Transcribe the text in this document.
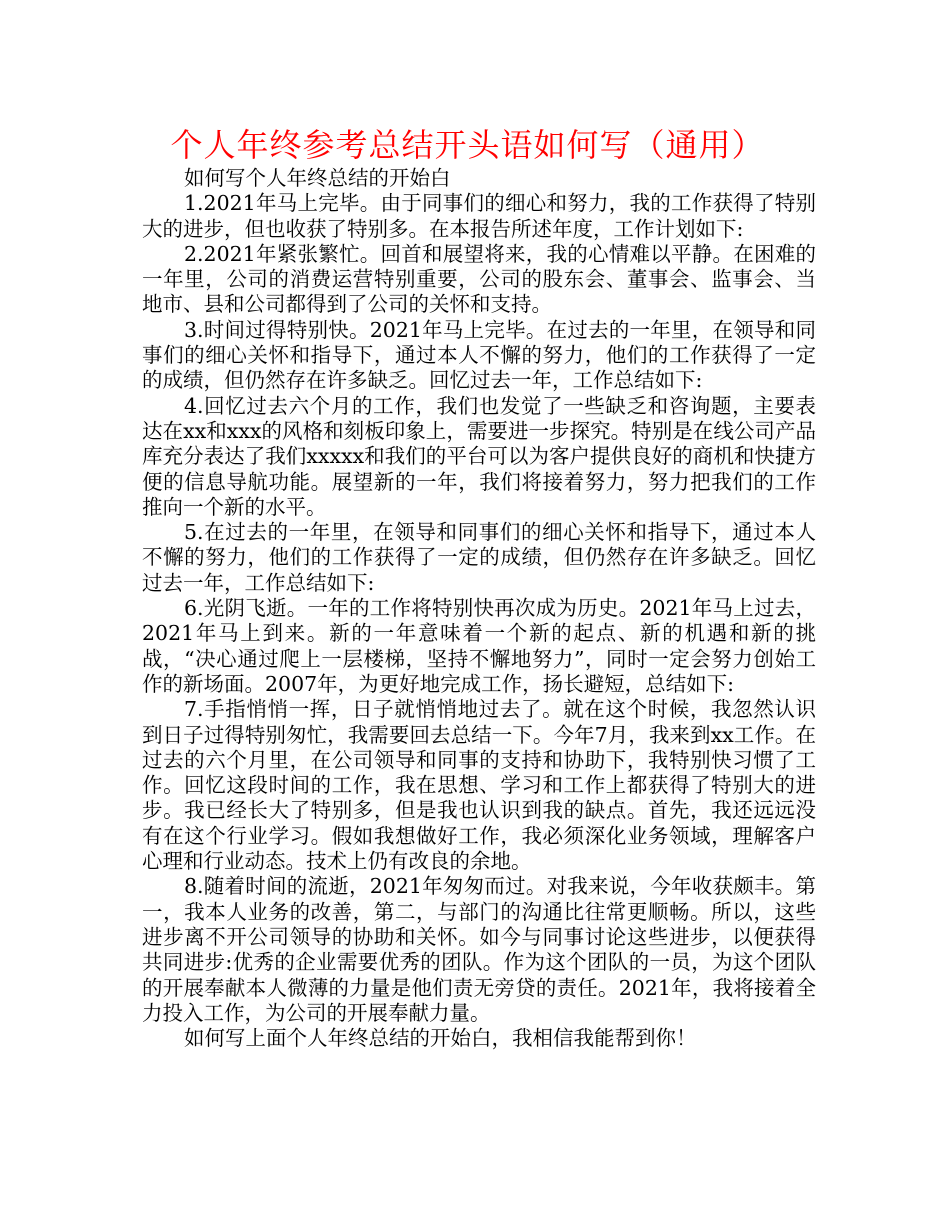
个人年终参考总结开头语如何写（通用）

如何写个人年终总结的开始白

1.2021年马上完毕。由于同事们的细心和努力，我的工作获得了特别大的进步，但也收获了特别多。在本报告所述年度，工作计划如下:

2.2021年紧张繁忙。回首和展望将来，我的心情难以平静。在困难的一年里，公司的消费运营特别重要，公司的股东会、董事会、监事会、当地市、县和公司都得到了公司的关怀和支持。

3.时间过得特别快。2021年马上完毕。在过去的一年里，在领导和同事们的细心关怀和指导下，通过本人不懈的努力，他们的工作获得了一定的成绩，但仍然存在许多缺乏。回忆过去一年，工作总结如下:

4.回忆过去六个月的工作，我们也发觉了一些缺乏和咨询题，主要表达在xx和xxx的风格和刻板印象上，需要进一步探究。特别是在线公司产品库充分表达了我们xxxxx和我们的平台可以为客户提供良好的商机和快捷方便的信息导航功能。展望新的一年，我们将接着努力，努力把我们的工作推向一个新的水平。

5.在过去的一年里，在领导和同事们的细心关怀和指导下，通过本人不懈的努力，他们的工作获得了一定的成绩，但仍然存在许多缺乏。回忆过去一年，工作总结如下:

6.光阴飞逝。一年的工作将特别快再次成为历史。2021年马上过去，2021年马上到来。新的一年意味着一个新的起点、新的机遇和新的挑战，“决心通过爬上一层楼梯，坚持不懈地努力”，同时一定会努力创始工作的新场面。2007年，为更好地完成工作，扬长避短，总结如下:

7.手指悄悄一挥，日子就悄悄地过去了。就在这个时候，我忽然认识到日子过得特别匆忙，我需要回去总结一下。今年7月，我来到xx工作。在过去的六个月里，在公司领导和同事的支持和协助下，我特别快习惯了工作。回忆这段时间的工作，我在思想、学习和工作上都获得了特别大的进步。我已经长大了特别多，但是我也认识到我的缺点。首先，我还远远没有在这个行业学习。假如我想做好工作，我必须深化业务领域，理解客户心理和行业动态。技术上仍有改良的余地。

8.随着时间的流逝，2021年匆匆而过。对我来说，今年收获颇丰。第一，我本人业务的改善，第二，与部门的沟通比往常更顺畅。所以，这些进步离不开公司领导的协助和关怀。如今与同事讨论这些进步，以便获得共同进步:优秀的企业需要优秀的团队。作为这个团队的一员，为这个团队的开展奉献本人微薄的力量是他们责无旁贷的责任。2021年，我将接着全力投入工作，为公司的开展奉献力量。

如何写上面个人年终总结的开始白，我相信我能帮到你！
